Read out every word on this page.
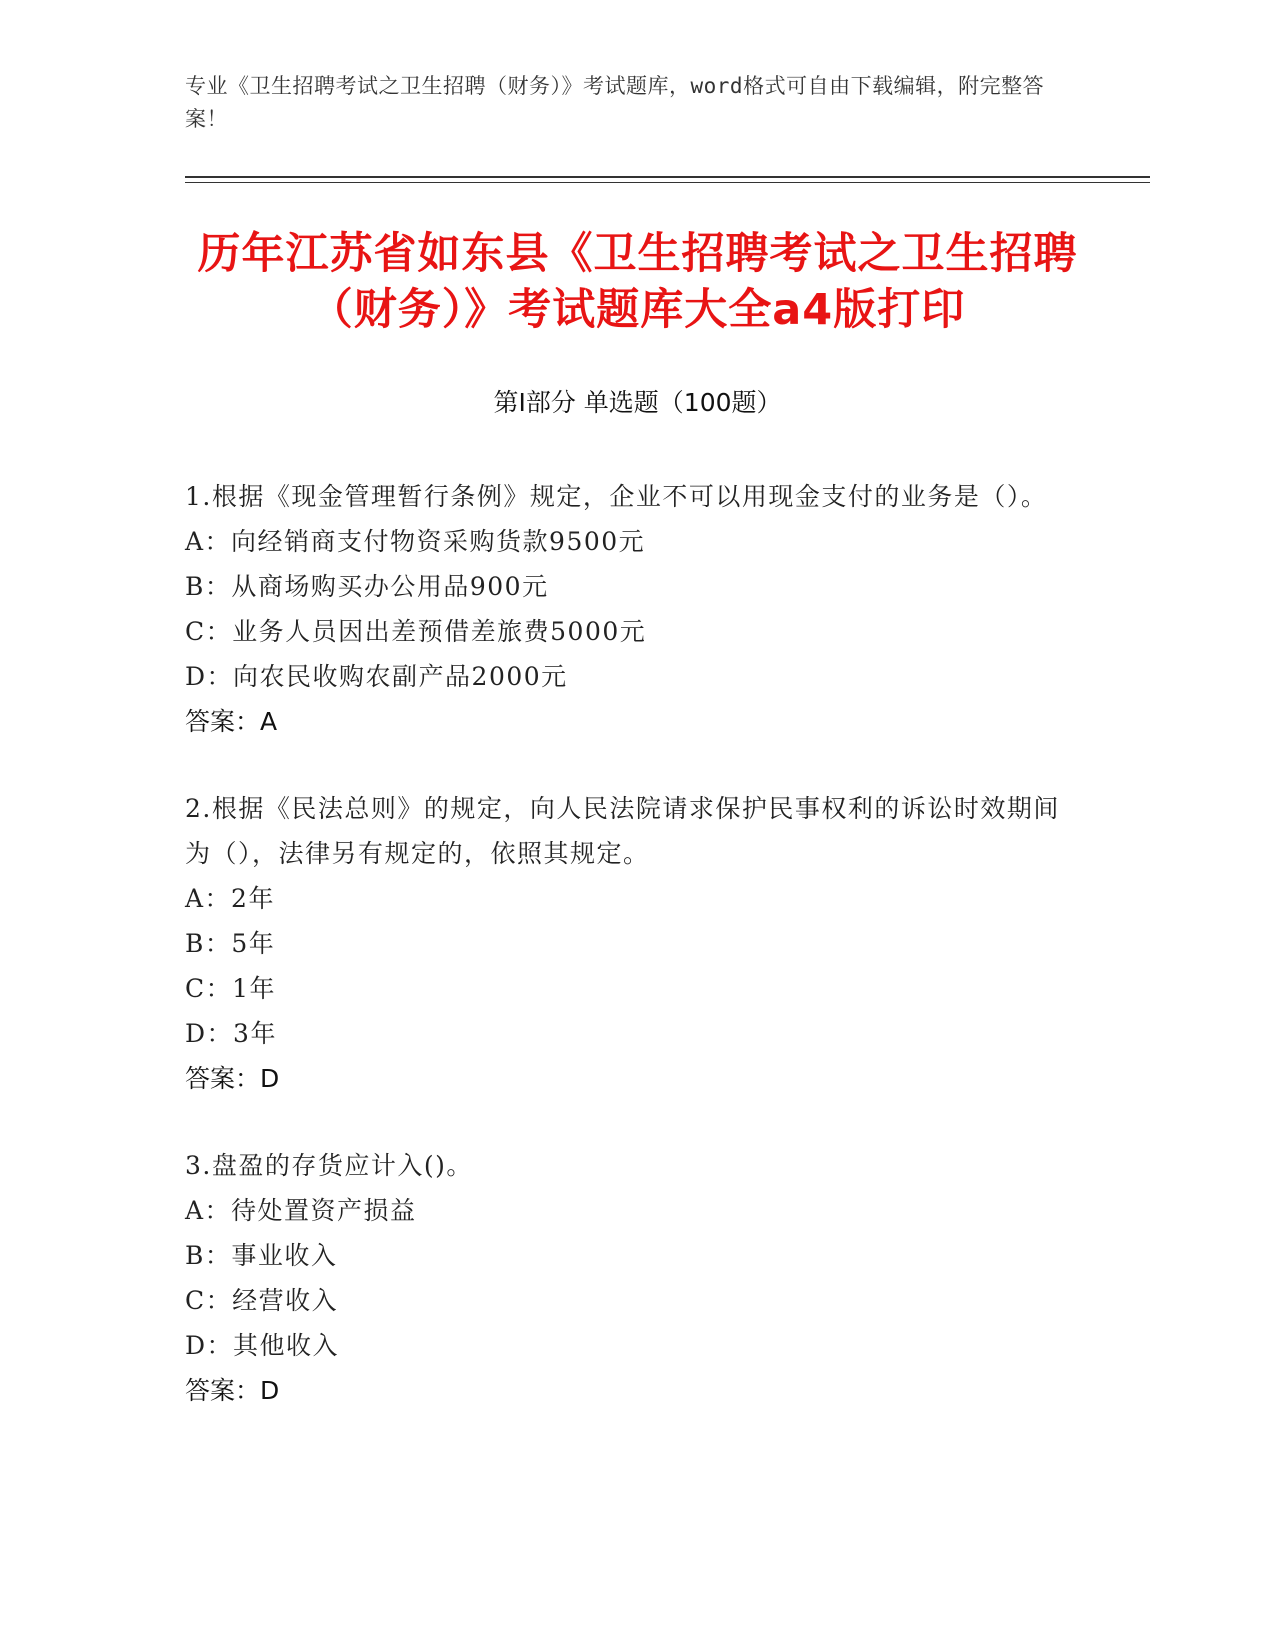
专业《卫生招聘考试之卫生招聘（财务）》考试题库，word格式可自由下载编辑，附完整答案！
历年江苏省如东县《卫生招聘考试之卫生招聘（财务）》考试题库大全a4版打印
第Ⅰ部分 单选题（100题）
1.根据《现金管理暂行条例》规定，企业不可以用现金支付的业务是（）。
A：向经销商支付物资采购货款9500元
B：从商场购买办公用品900元
C：业务人员因出差预借差旅费5000元
D：向农民收购农副产品2000元
答案：A
2.根据《民法总则》的规定，向人民法院请求保护民事权利的诉讼时效期间为（），法律另有规定的，依照其规定。
A：2年
B：5年
C：1年
D：3年
答案：D
3.盘盈的存货应计入()。
A：待处置资产损益
B：事业收入
C：经营收入
D：其他收入
答案：D
